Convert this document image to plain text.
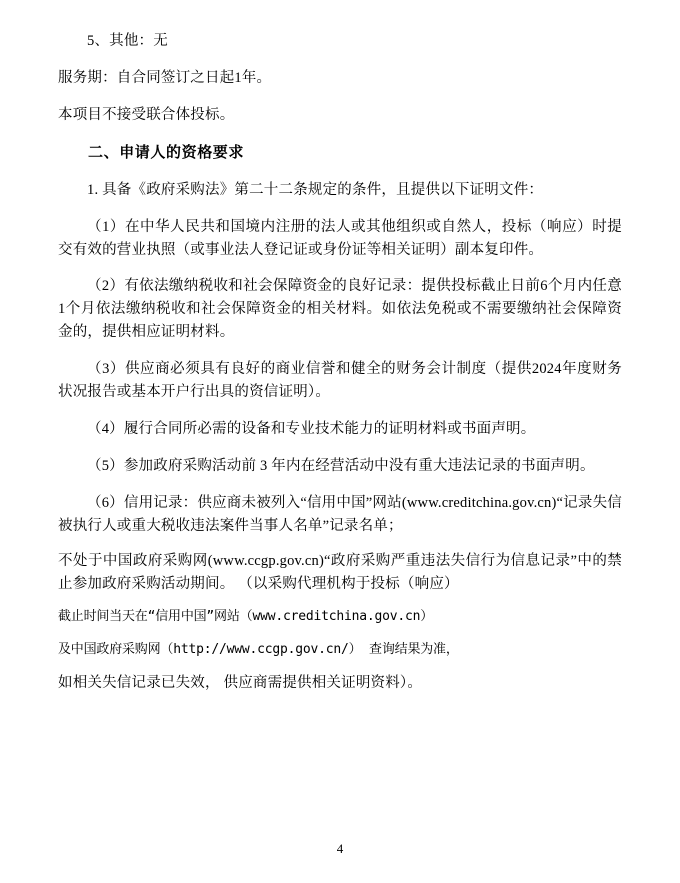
5、其他：无

服务期：自合同签订之日起1年。

本项目不接受联合体投标。

二、申请人的资格要求

1. 具备《政府采购法》第二十二条规定的条件，且提供以下证明文件：

（1）在中华人民共和国境内注册的法人或其他组织或自然人，投标（响应）时提交有效的营业执照（或事业法人登记证或身份证等相关证明）副本复印件。

（2）有依法缴纳税收和社会保障资金的良好记录：提供投标截止日前6个月内任意1个月依法缴纳税收和社会保障资金的相关材料。如依法免税或不需要缴纳社会保障资金的，提供相应证明材料。

（3）供应商必须具有良好的商业信誉和健全的财务会计制度（提供2024年度财务状况报告或基本开户行出具的资信证明）。

（4）履行合同所必需的设备和专业技术能力的证明材料或书面声明。

（5）参加政府采购活动前 3 年内在经营活动中没有重大违法记录的书面声明。

（6）信用记录：供应商未被列入“信用中国”网站(www.creditchina.gov.cn)“记录失信被执行人或重大税收违法案件当事人名单”记录名单；

不处于中国政府采购网(www.ccgp.gov.cn)“政府采购严重违法失信行为信息记录”中的禁止参加政府采购活动期间。 （以采购代理机构于投标（响应）

截止时间当天在“信用中国”网站（www.creditchina.gov.cn）

及中国政府采购网（http://www.ccgp.gov.cn/） 查询结果为准，

如相关失信记录已失效， 供应商需提供相关证明资料）。

4
